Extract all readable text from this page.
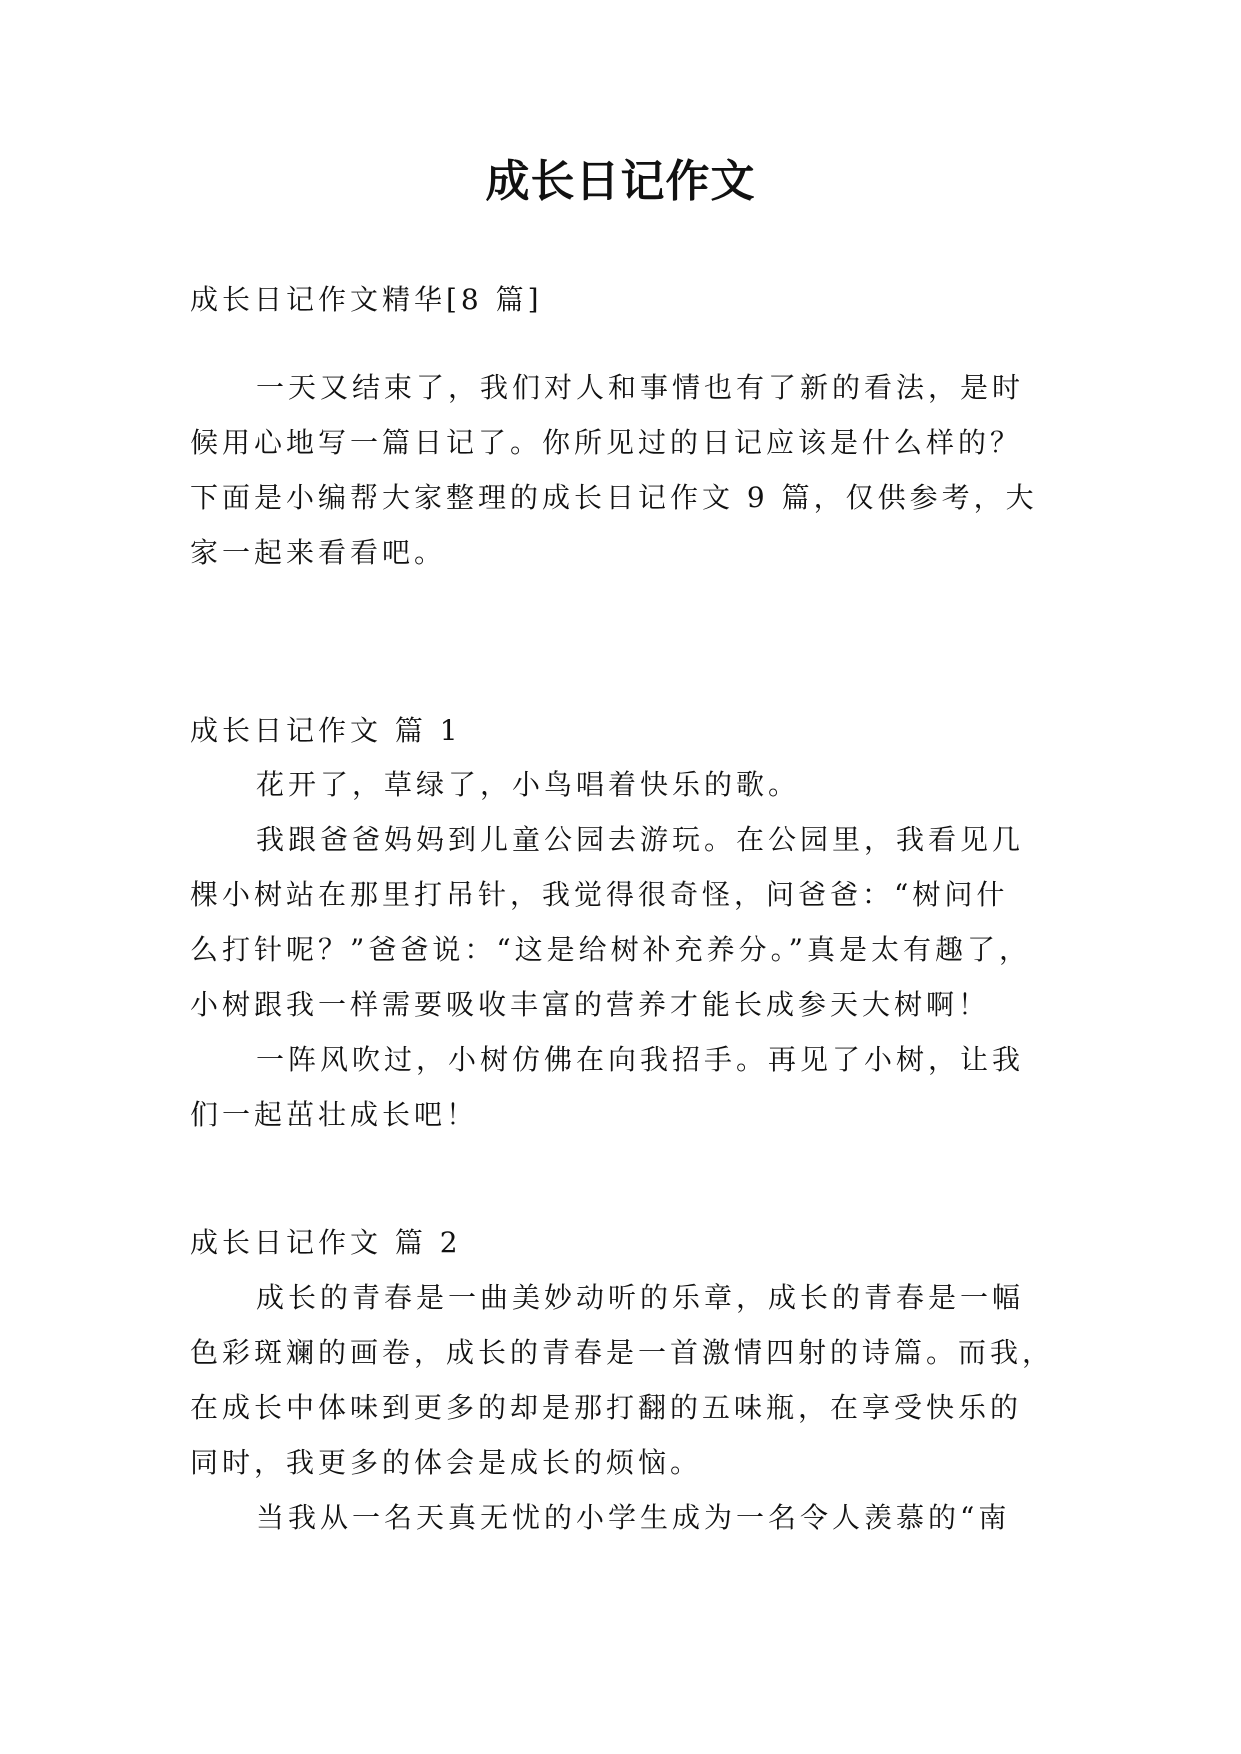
成长日记作文
成长日记作文精华[8 篇]
一天又结束了，我们对人和事情也有了新的看法，是时
候用心地写一篇日记了。你所见过的日记应该是什么样的？
下面是小编帮大家整理的成长日记作文 9 篇，仅供参考，大
家一起来看看吧。
成长日记作文 篇 1
花开了，草绿了，小鸟唱着快乐的歌。
我跟爸爸妈妈到儿童公园去游玩。在公园里，我看见几
棵小树站在那里打吊针，我觉得很奇怪，问爸爸：“树问什
么打针呢？”爸爸说：“这是给树补充养分。”真是太有趣了，
小树跟我一样需要吸收丰富的营养才能长成参天大树啊！
一阵风吹过，小树仿佛在向我招手。再见了小树，让我
们一起茁壮成长吧！
成长日记作文 篇 2
成长的青春是一曲美妙动听的乐章，成长的青春是一幅
色彩斑斓的画卷，成长的青春是一首激情四射的诗篇。而我，
在成长中体味到更多的却是那打翻的五味瓶，在享受快乐的
同时，我更多的体会是成长的烦恼。
当我从一名天真无忧的小学生成为一名令人羡慕的“南
